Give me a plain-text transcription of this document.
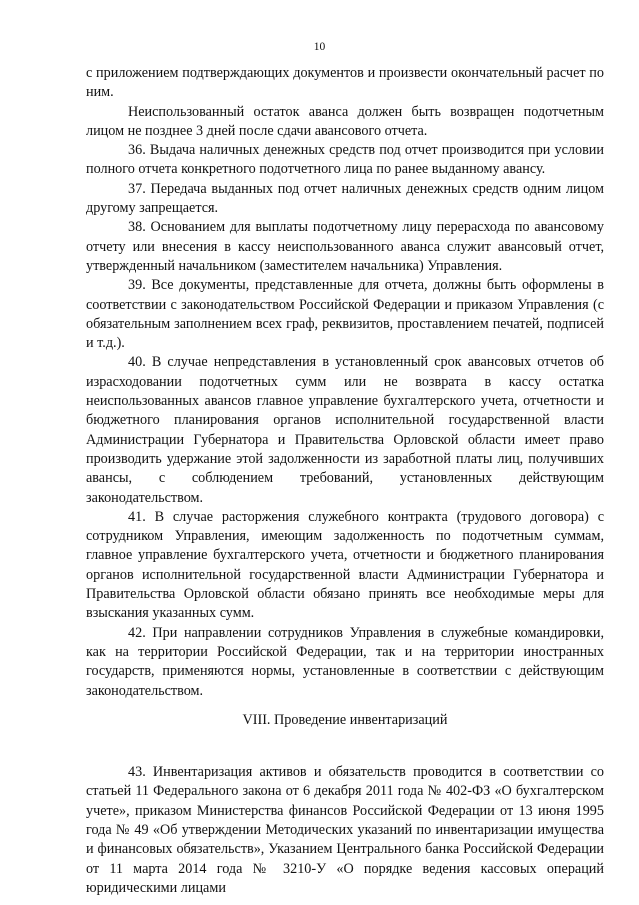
10

с приложением подтверждающих документов и произвести окончательный расчет по ним.

Неиспользованный остаток аванса должен быть возвращен подотчетным лицом не позднее 3 дней после сдачи авансового отчета.

36. Выдача наличных денежных средств под отчет производится при условии полного отчета конкретного подотчетного лица по ранее выданному авансу.

37. Передача выданных под отчет наличных денежных средств одним лицом другому запрещается.

38. Основанием для выплаты подотчетному лицу перерасхода по авансовому отчету или внесения в кассу неиспользованного аванса служит авансовый отчет, утвержденный начальником (заместителем начальника) Управления.

39. Все документы, представленные для отчета, должны быть оформлены в соответствии с законодательством Российской Федерации и приказом Управления (с обязательным заполнением всех граф, реквизитов, проставлением печатей, подписей и т.д.).

40. В случае непредставления в установленный срок авансовых отчетов об израсходовании подотчетных сумм или не возврата в кассу остатка неиспользованных авансов главное управление бухгалтерского учета, отчетности и бюджетного планирования органов исполнительной государственной власти Администрации Губернатора и Правительства Орловской области имеет право производить удержание этой задолженности из заработной платы лиц, получивших авансы, с соблюдением требований, установленных действующим законодательством.

41. В случае расторжения служебного контракта (трудового договора) с сотрудником Управления, имеющим задолженность по подотчетным суммам, главное управление бухгалтерского учета, отчетности и бюджетного планирования органов исполнительной государственной власти Администрации Губернатора и Правительства Орловской области обязано принять все необходимые меры для взыскания указанных сумм.

42. При направлении сотрудников Управления в служебные командировки, как на территории Российской Федерации, так и на территории иностранных государств, применяются нормы, установленные в соответствии с действующим законодательством.

VIII. Проведение инвентаризаций

43. Инвентаризация активов и обязательств проводится в соответствии со статьей 11 Федерального закона от 6 декабря 2011 года № 402-ФЗ «О бухгалтерском учете», приказом Министерства финансов Российской Федерации от 13 июня 1995 года № 49 «Об утверждении Методических указаний по инвентаризации имущества и финансовых обязательств», Указанием Центрального банка Российской Федерации от 11 марта 2014 года № 3210-У «О порядке ведения кассовых операций юридическими лицами
